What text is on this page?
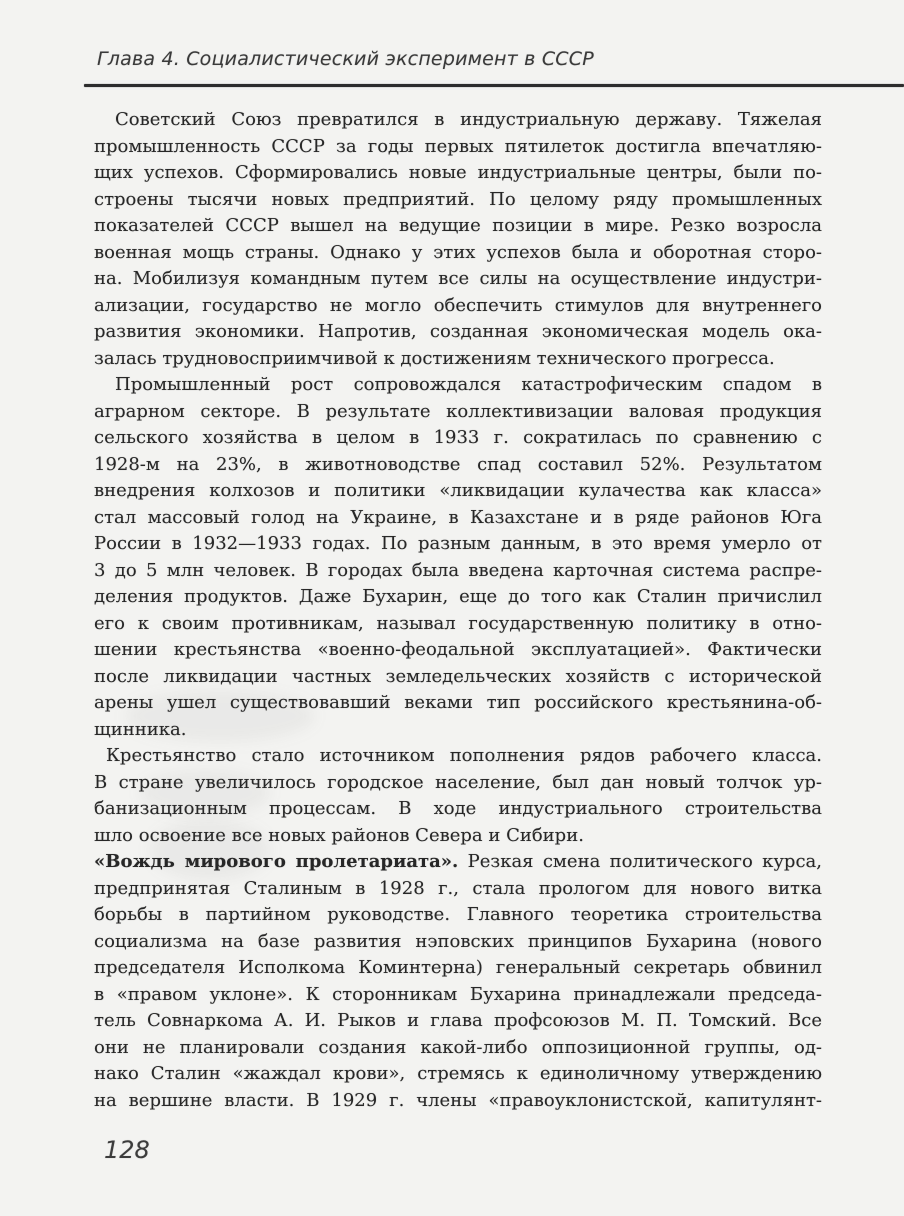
Глава 4. Социалистический эксперимент в СССР
Советский Союз превратился в индустриальную державу. Тяжелая
промышленность СССР за годы первых пятилеток достигла впечатляю-
щих успехов. Сформировались новые индустриальные центры, были по-
строены тысячи новых предприятий. По целому ряду промышленных
показателей СССР вышел на ведущие позиции в мире. Резко возросла
военная мощь страны. Однако у этих успехов была и оборотная сторо-
на. Мобилизуя командным путем все силы на осуществление индустри-
ализации, государство не могло обеспечить стимулов для внутреннего
развития экономики. Напротив, созданная экономическая модель ока-
залась трудновосприимчивой к достижениям технического прогресса.
Промышленный рост сопровождался катастрофическим спадом в
аграрном секторе. В результате коллективизации валовая продукция
сельского хозяйства в целом в 1933 г. сократилась по сравнению с
1928-м на 23%, в животноводстве спад составил 52%. Результатом
внедрения колхозов и политики «ликвидации кулачества как класса»
стал массовый голод на Украине, в Казахстане и в ряде районов Юга
России в 1932—1933 годах. По разным данным, в это время умерло от
3 до 5 млн человек. В городах была введена карточная система распре-
деления продуктов. Даже Бухарин, еще до того как Сталин причислил
его к своим противникам, называл государственную политику в отно-
шении крестьянства «военно-феодальной эксплуатацией». Фактически
после ликвидации частных земледельческих хозяйств с исторической
арены ушел существовавший веками тип российского крестьянина-об-
щинника.
Крестьянство стало источником пополнения рядов рабочего класса.
В стране увеличилось городское население, был дан новый толчок ур-
банизационным процессам. В ходе индустриального строительства
шло освоение все новых районов Севера и Сибири.
«Вождь мирового пролетариата». Резкая смена политического курса,
предпринятая Сталиным в 1928 г., стала прологом для нового витка
борьбы в партийном руководстве. Главного теоретика строительства
социализма на базе развития нэповских принципов Бухарина (нового
председателя Исполкома Коминтерна) генеральный секретарь обвинил
в «правом уклоне». К сторонникам Бухарина принадлежали председа-
тель Совнаркома А. И. Рыков и глава профсоюзов М. П. Томский. Все
они не планировали создания какой-либо оппозиционной группы, од-
нако Сталин «жаждал крови», стремясь к единоличному утверждению
на вершине власти. В 1929 г. члены «правоуклонистской, капитулянт-
128
